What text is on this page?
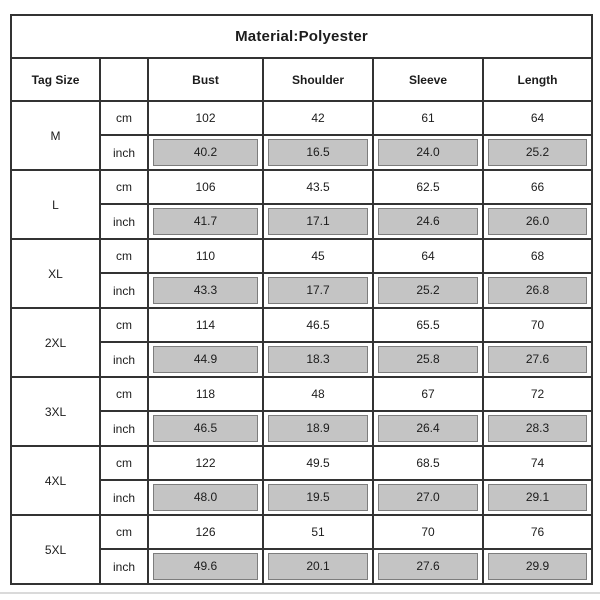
Material:Polyester					
Tag Size		Bust	Shoulder	Sleeve	Length
M	cm	102	42	61	64
	inch	40.2	16.5	24.0	25.2

L	cm	106	43.5	62.5	66
	inch	41.7	17.1	24.6	26.0

XL	cm	110	45	64	68
	inch	43.3	17.7	25.2	26.8

2XL	cm	114	46.5	65.5	70
	inch	44.9	18.3	25.8	27.6

3XL	cm	118	48	67	72
	inch	46.5	18.9	26.4	28.3

4XL	cm	122	49.5	68.5	74
	inch	48.0	19.5	27.0	29.1

5XL	cm	126	51	70	76
	inch	49.6	20.1	27.6	29.9
